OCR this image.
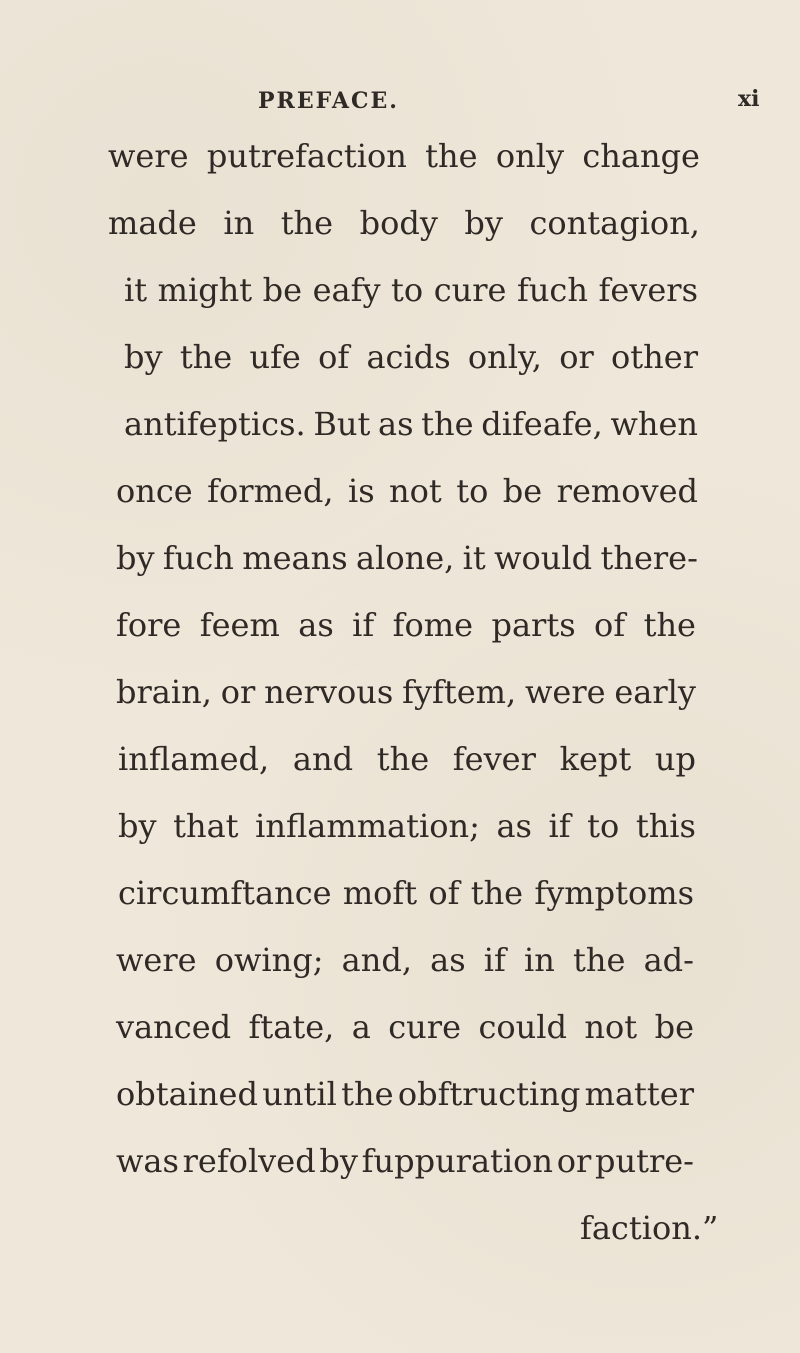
PREFACE.	xi
were putrefaction the only change
made in the body by contagion,
it might be eafy to cure fuch fevers
by the ufe of acids only, or other
antifeptics. But as the difeafe, when
once formed, is not to be removed
by fuch means alone, it would there-
fore feem as if fome parts of the
brain, or nervous fyftem, were early
inflamed, and the fever kept up
by that inflammation; as if to this
circumftance moft of the fymptoms
were owing; and, as if in the ad-
vanced ftate, a cure could not be
obtained until the obftructing matter
was refolved by fuppuration or putre-
faction.”
